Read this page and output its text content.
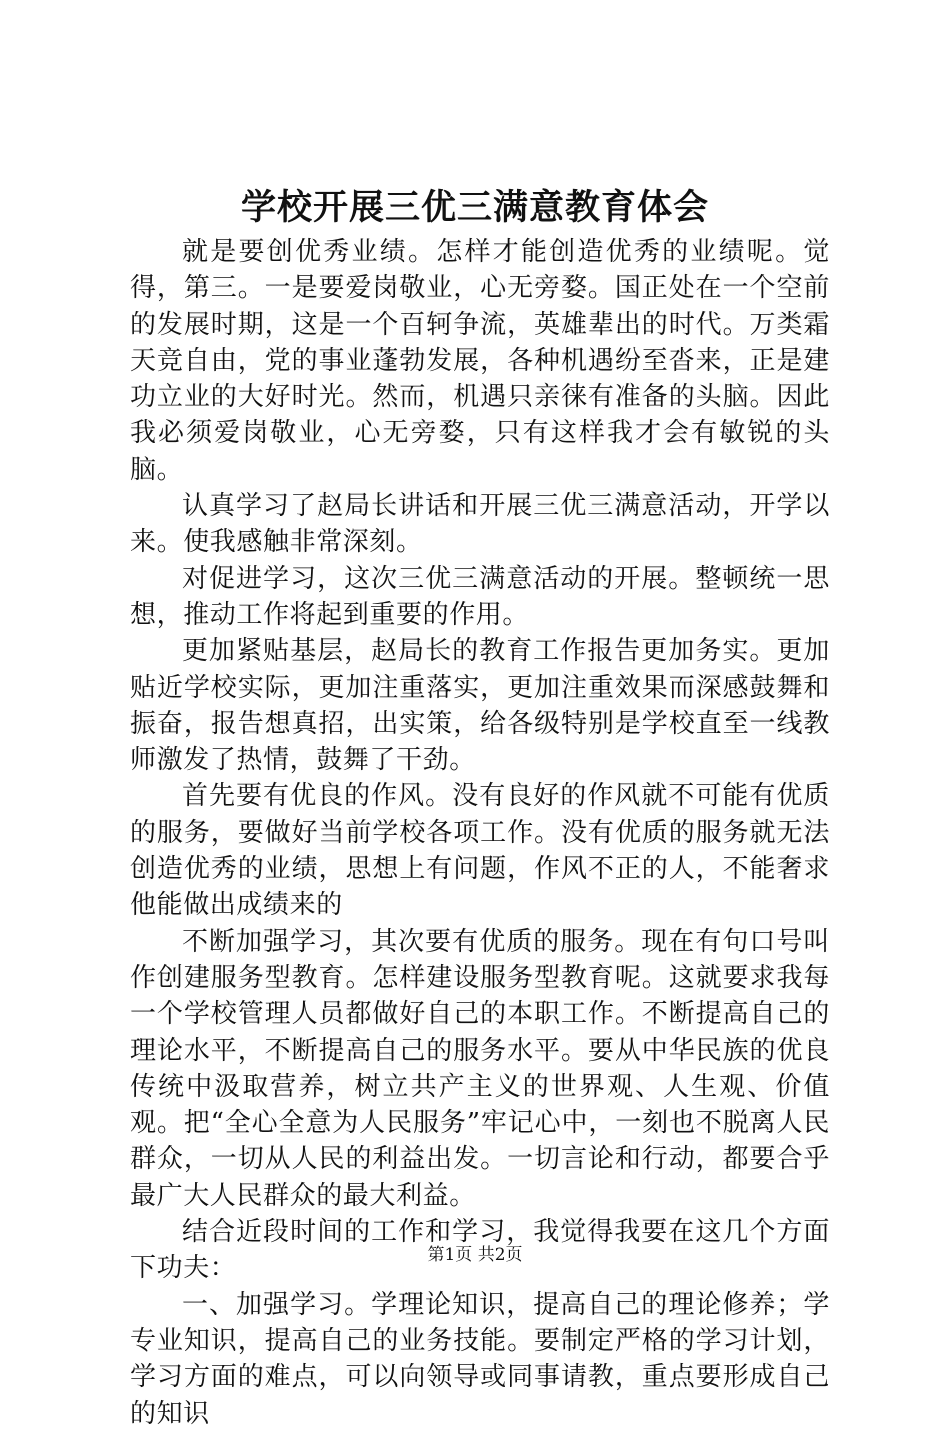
学校开展三优三满意教育体会

就是要创优秀业绩。怎样才能创造优秀的业绩呢。觉得，第三。一是要爱岗敬业，心无旁婺。国正处在一个空前的发展时期，这是一个百轲争流，英雄辈出的时代。万类霜天竞自由，党的事业蓬勃发展，各种机遇纷至沓来，正是建功立业的大好时光。然而，机遇只亲徕有准备的头脑。因此我必须爱岗敬业，心无旁婺，只有这样我才会有敏锐的头脑。

认真学习了赵局长讲话和开展三优三满意活动，开学以来。使我感触非常深刻。

对促进学习，这次三优三满意活动的开展。整顿统一思想，推动工作将起到重要的作用。

更加紧贴基层，赵局长的教育工作报告更加务实。更加贴近学校实际，更加注重落实，更加注重效果而深感鼓舞和振奋，报告想真招，出实策，给各级特别是学校直至一线教师激发了热情，鼓舞了干劲。

首先要有优良的作风。没有良好的作风就不可能有优质的服务，要做好当前学校各项工作。没有优质的服务就无法创造优秀的业绩，思想上有问题，作风不正的人，不能奢求他能做出成绩来的

不断加强学习，其次要有优质的服务。现在有句口号叫作创建服务型教育。怎样建设服务型教育呢。这就要求我每一个学校管理人员都做好自己的本职工作。不断提高自己的理论水平，不断提高自己的服务水平。要从中华民族的优良传统中汲取营养，树立共产主义的世界观、人生观、价值观。把“全心全意为人民服务”牢记心中，一刻也不脱离人民群众，一切从人民的利益出发。一切言论和行动，都要合乎最广大人民群众的最大利益。

结合近段时间的工作和学习，我觉得我要在这几个方面下功夫：

一、加强学习。学理论知识，提高自己的理论修养；学专业知识，提高自己的业务技能。要制定严格的学习计划，学习方面的难点，可以向领导或同事请教，重点要形成自己的知识

第1页 共2页
